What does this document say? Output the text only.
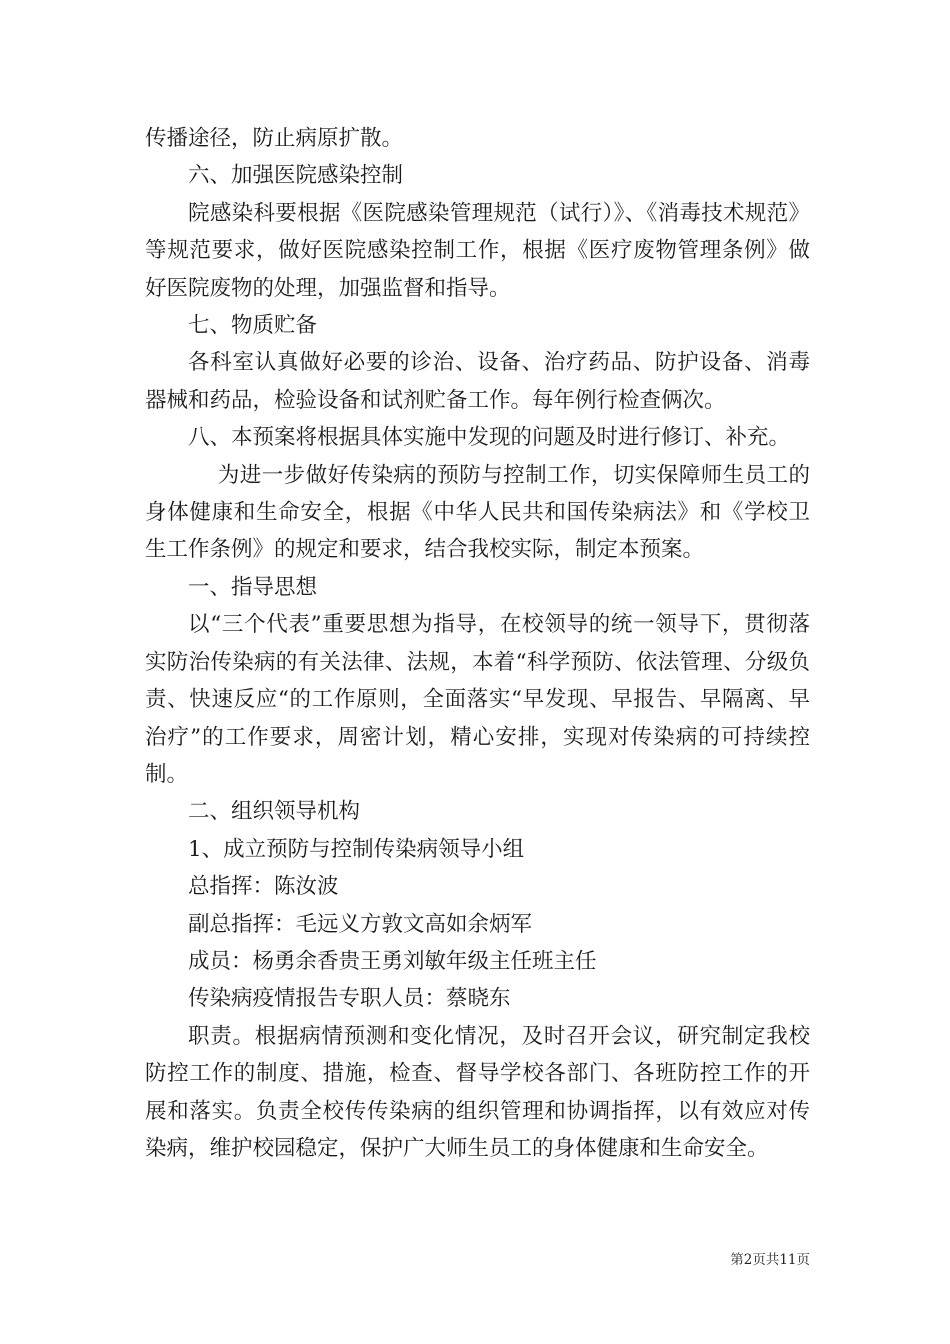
传播途径，防止病原扩散。

六、加强医院感染控制

院感染科要根据《医院感染管理规范（试行）》、《消毒技术规范》等规范要求，做好医院感染控制工作，根据《医疗废物管理条例》做好医院废物的处理，加强监督和指导。

七、物质贮备

各科室认真做好必要的诊治、设备、治疗药品、防护设备、消毒器械和药品，检验设备和试剂贮备工作。每年例行检查俩次。

八、本预案将根据具体实施中发现的问题及时进行修订、补充。

为进一步做好传染病的预防与控制工作，切实保障师生员工的身体健康和生命安全，根据《中华人民共和国传染病法》和《学校卫生工作条例》的规定和要求，结合我校实际，制定本预案。

一、指导思想

以“三个代表”重要思想为指导，在校领导的统一领导下，贯彻落实防治传染病的有关法律、法规，本着“科学预防、依法管理、分级负责、快速反应“的工作原则，全面落实“早发现、早报告、早隔离、早治疗”的工作要求，周密计划，精心安排，实现对传染病的可持续控制。

二、组织领导机构

1、成立预防与控制传染病领导小组

总指挥：陈汝波

副总指挥：毛远义方敦文高如余炳军

成员：杨勇余香贵王勇刘敏年级主任班主任

传染病疫情报告专职人员：蔡晓东

职责。根据病情预测和变化情况，及时召开会议，研究制定我校防控工作的制度、措施，检查、督导学校各部门、各班防控工作的开展和落实。负责全校传传染病的组织管理和协调指挥，以有效应对传染病，维护校园稳定，保护广大师生员工的身体健康和生命安全。

第2页共11页
